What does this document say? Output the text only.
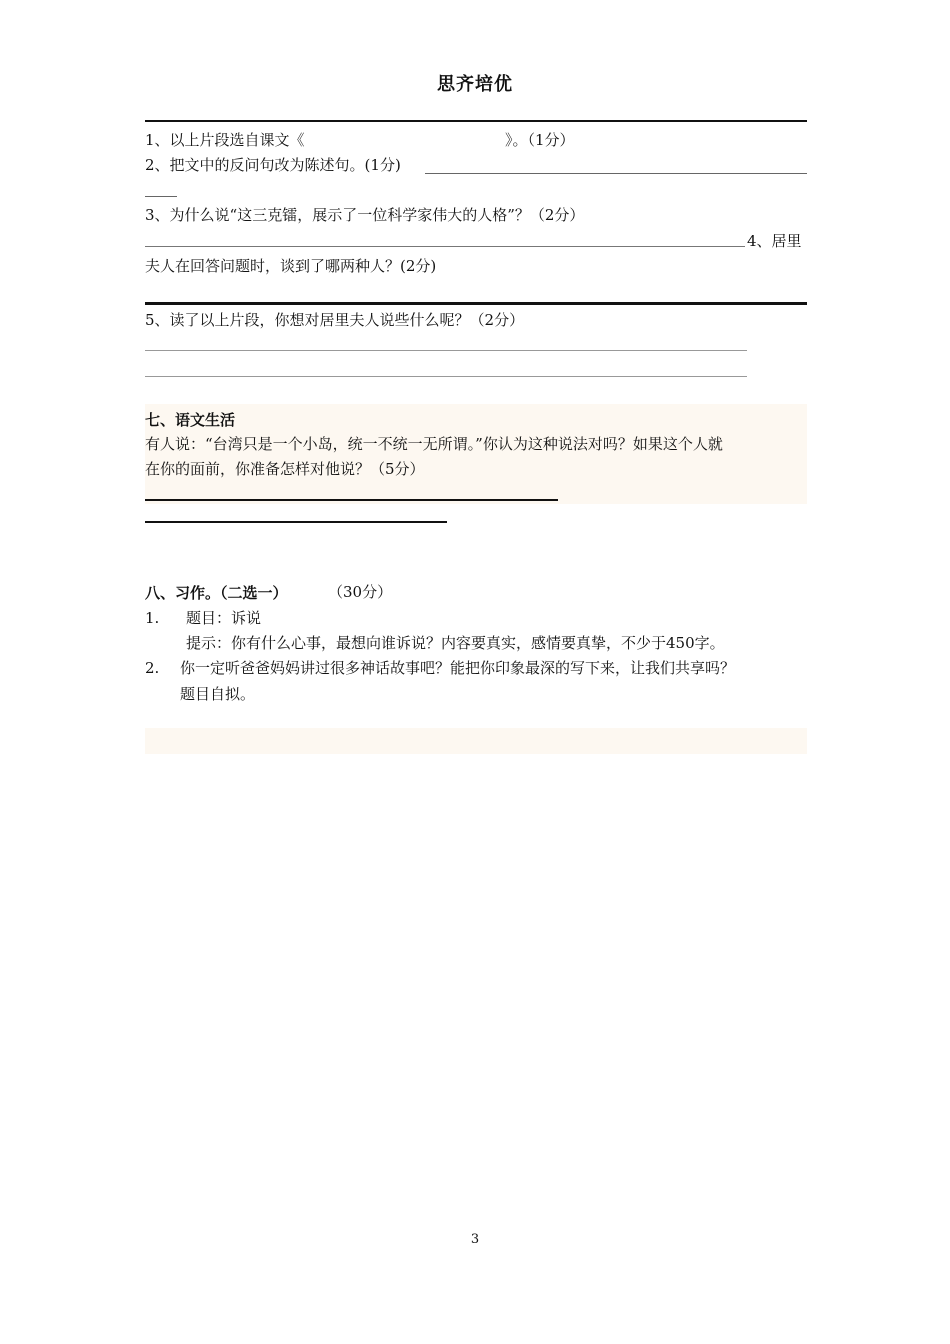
思齐培优
1、以上片段选自课文《	》。（1分）
2、把文中的反问句改为陈述句。(1分)
3、为什么说“这三克镭，展示了一位科学家伟大的人格”？（2分）
4、居里
夫人在回答问题时，谈到了哪两种人？(2分)
5、读了以上片段，你想对居里夫人说些什么呢？（2分）
七、语文生活
有人说：“台湾只是一个小岛，统一不统一无所谓。”你认为这种说法对吗？如果这个人就
在你的面前，你准备怎样对他说？（5分）
八、习作。（二选一）	（30分）
1. 题目：诉说
提示：你有什么心事，最想向谁诉说？内容要真实，感情要真挚，不少于450字。
2. 你一定听爸爸妈妈讲过很多神话故事吧？能把你印象最深的写下来，让我们共享吗？
题目自拟。
3
